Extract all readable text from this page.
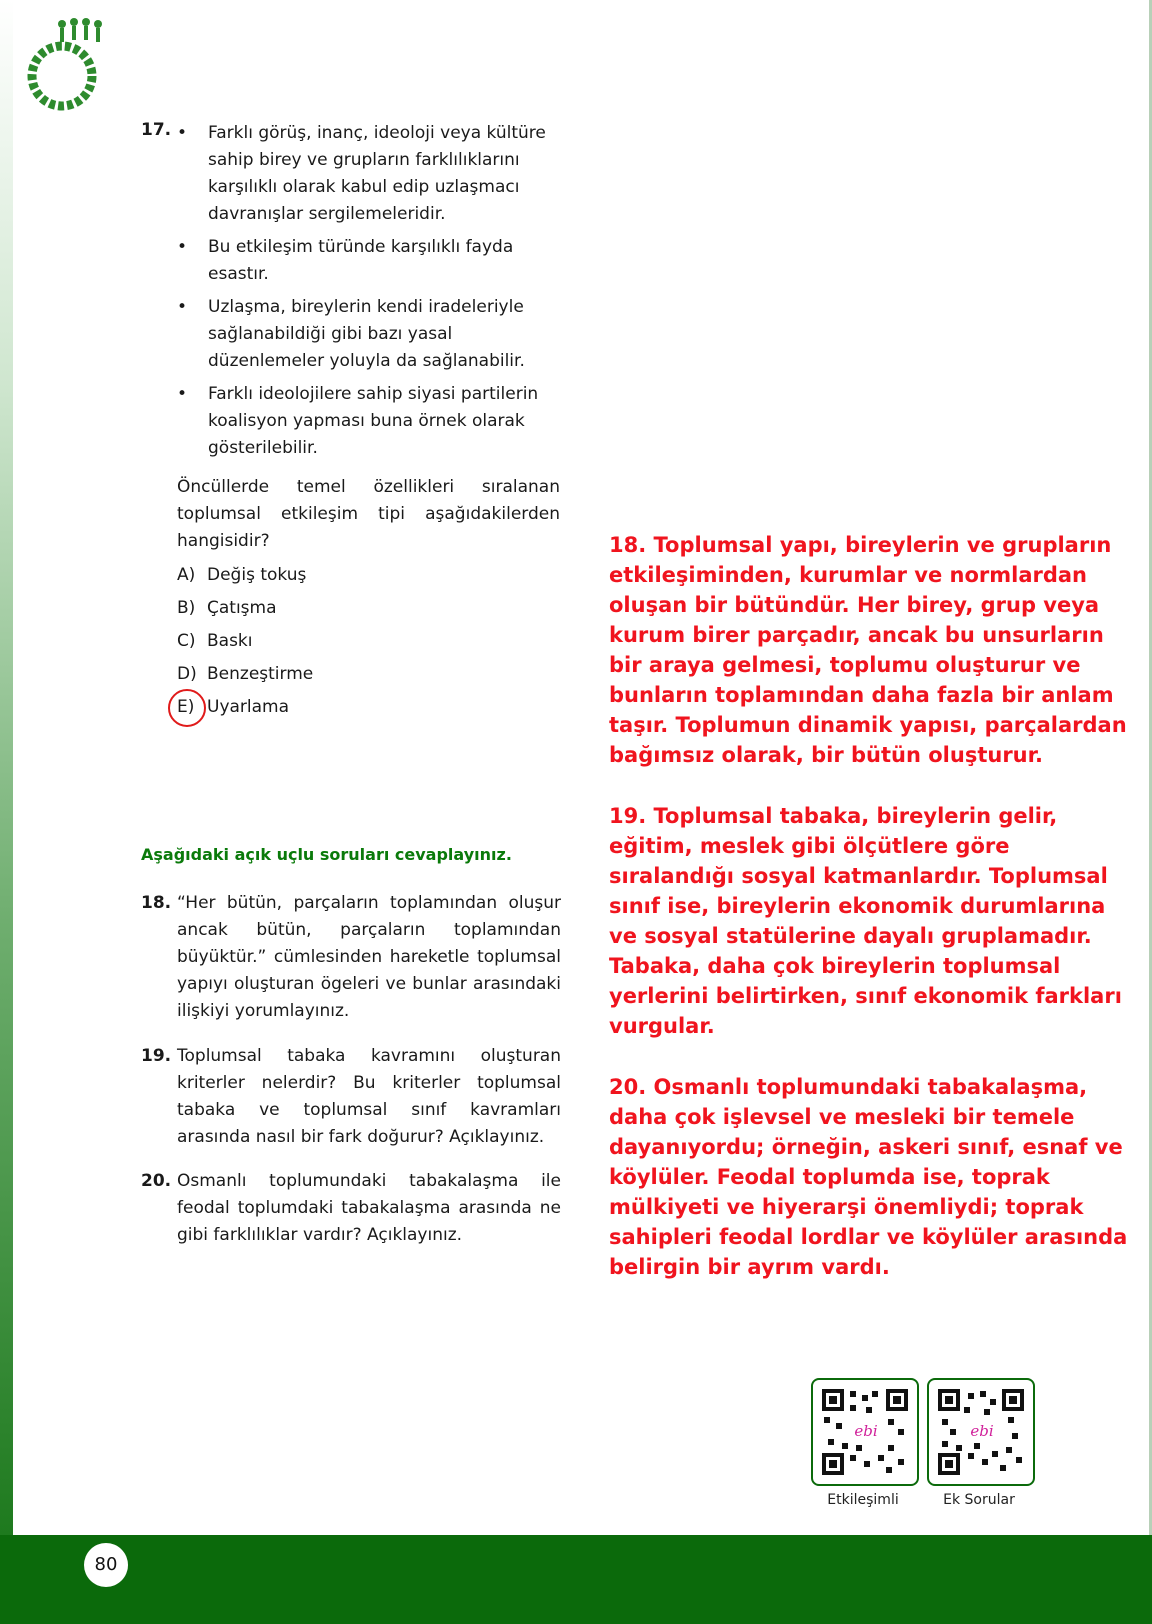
17.
•	Farklı görüş, inanç, ideoloji veya kültüre sahip birey ve grupların farklılıklarını karşılıklı olarak kabul edip uzlaşmacı davranışlar sergilemeleridir.
• Bu etkileşim türünde karşılıklı fayda esastır.
• Uzlaşma, bireylerin kendi iradeleriyle sağlanabildiği gibi bazı yasal düzenlemeler yoluyla da sağlanabilir.
• Farklı ideolojilere sahip siyasi partilerin koalisyon yapması buna örnek olarak gösterilebilir.
Öncüllerde temel özellikleri sıralanan toplumsal etkileşim tipi aşağıdakilerden hangisidir?
A) Değiş tokuş
B) Çatışma
C) Baskı
D) Benzeştirme
E) Uyarlama
Aşağıdaki açık uçlu soruları cevaplayınız.
18. “Her bütün, parçaların toplamından oluşur ancak bütün, parçaların toplamından büyüktür.” cümlesinden hareketle toplumsal yapıyı oluşturan ögeleri ve bunlar arasındaki ilişkiyi yorumlayınız.
19. Toplumsal tabaka kavramını oluşturan kriterler nelerdir? Bu kriterler toplumsal tabaka ve toplumsal sınıf kavramları arasında nasıl bir fark doğurur? Açıklayınız.
20. Osmanlı toplumundaki tabakalaşma ile feodal toplumdaki tabakalaşma arasında ne gibi farklılıklar vardır? Açıklayınız.

18. Toplumsal yapı, bireylerin ve grupların etkileşiminden, kurumlar ve normlardan oluşan bir bütündür. Her birey, grup veya kurum birer parçadır, ancak bu unsurların bir araya gelmesi, toplumu oluşturur ve bunların toplamından daha fazla bir anlam taşır. Toplumun dinamik yapısı, parçalardan bağımsız olarak, bir bütün oluşturur.

19. Toplumsal tabaka, bireylerin gelir, eğitim, meslek gibi ölçütlere göre sıralandığı sosyal katmanlardır. Toplumsal sınıf ise, bireylerin ekonomik durumlarına ve sosyal statülerine dayalı gruplamadır. Tabaka, daha çok bireylerin toplumsal yerlerini belirtirken, sınıf ekonomik farkları vurgular.

20. Osmanlı toplumundaki tabakalaşma, daha çok işlevsel ve mesleki bir temele dayanıyordu; örneğin, askeri sınıf, esnaf ve köylüler. Feodal toplumda ise, toprak mülkiyeti ve hiyerarşi önemliydi; toprak sahipleri feodal lordlar ve köylüler arasında belirgin bir ayrım vardı.

ebi	ebi
Etkileşimli	Ek Sorular
80
